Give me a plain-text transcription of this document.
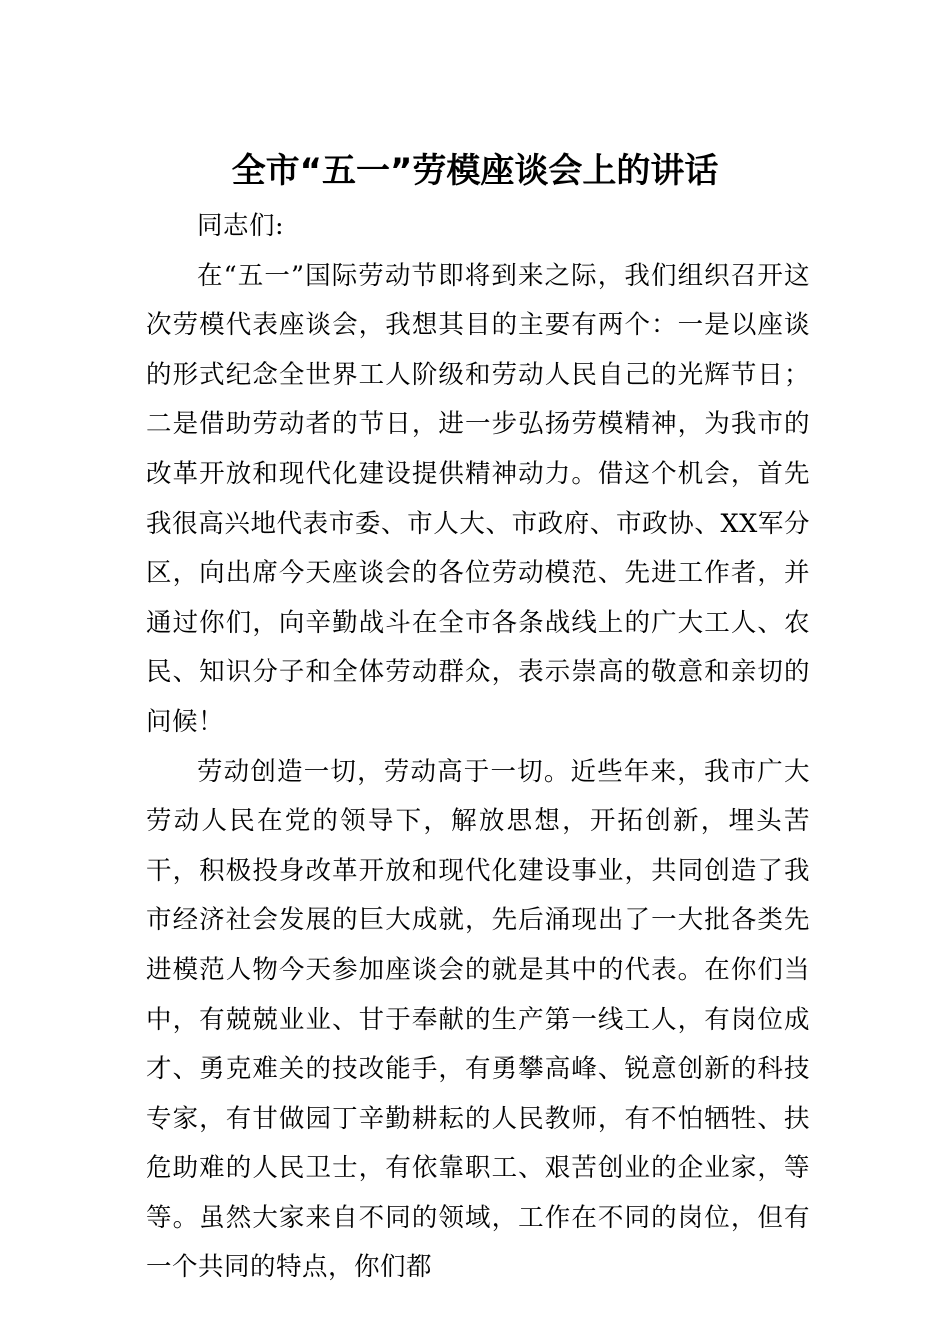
全市“五一”劳模座谈会上的讲话

同志们:

在“五一”国际劳动节即将到来之际，我们组织召开这次劳模代表座谈会，我想其目的主要有两个：一是以座谈的形式纪念全世界工人阶级和劳动人民自己的光辉节日；二是借助劳动者的节日，进一步弘扬劳模精神，为我市的改革开放和现代化建设提供精神动力。借这个机会，首先我很高兴地代表市委、市人大、市政府、市政协、XX军分区，向出席今天座谈会的各位劳动模范、先进工作者，并通过你们，向辛勤战斗在全市各条战线上的广大工人、农民、知识分子和全体劳动群众，表示崇高的敬意和亲切的问候！

劳动创造一切，劳动高于一切。近些年来，我市广大劳动人民在党的领导下，解放思想，开拓创新，埋头苦干，积极投身改革开放和现代化建设事业，共同创造了我市经济社会发展的巨大成就，先后涌现出了一大批各类先进模范人物今天参加座谈会的就是其中的代表。在你们当中，有兢兢业业、甘于奉献的生产第一线工人，有岗位成才、勇克难关的技改能手，有勇攀高峰、锐意创新的科技专家，有甘做园丁辛勤耕耘的人民教师，有不怕牺牲、扶危助难的人民卫士，有依靠职工、艰苦创业的企业家，等等。虽然大家来自不同的领域，工作在不同的岗位，但有一个共同的特点，你们都
